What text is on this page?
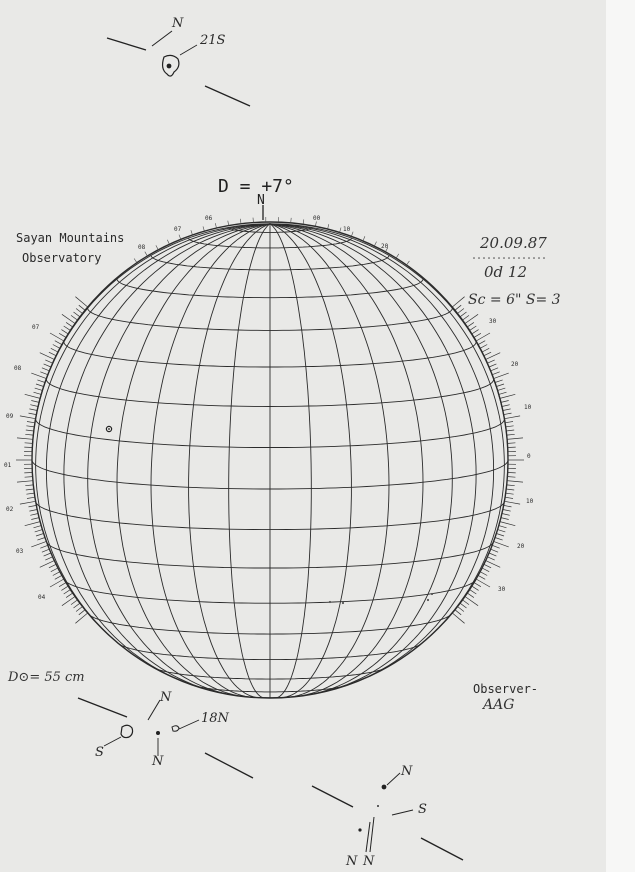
D = +7°
N
Sayan Mountains
Observatory
20.09.87
0d 12
Sc = 6" S= 3
D⊙= 55 cm
Observer-
AAG
N
21S
N
18N
S
N
N
S
N N
07
08
09
01
02
03
04
30
20
10
0
10
20
30
08
07
06	00
10
20
